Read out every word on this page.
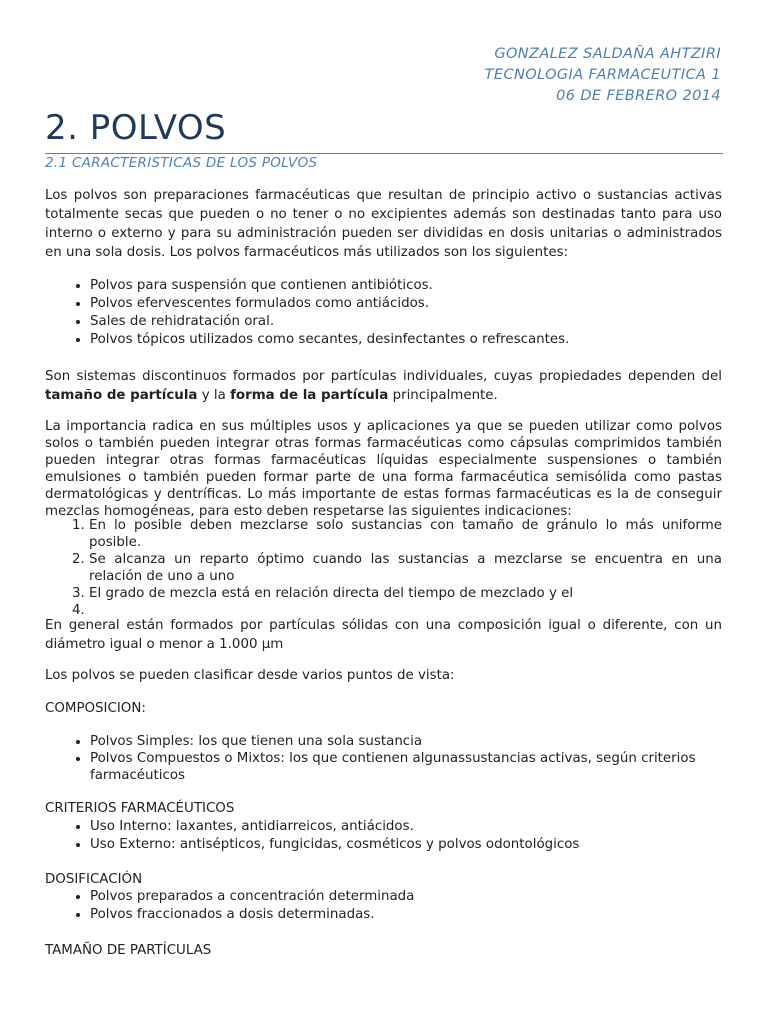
GONZALEZ SALDAÑA AHTZIRI
TECNOLOGIA FARMACEUTICA 1
06 DE FEBRERO 2014
2. POLVOS
2.1 CARACTERISTICAS DE LOS POLVOS

Los polvos son preparaciones farmacéuticas que resultan de principio activo o sustancias activas totalmente secas que pueden o no tener o no excipientes además son destinadas tanto para uso interno o externo y para su administración pueden ser divididas en dosis unitarias o administrados en una sola dosis. Los polvos farmacéuticos más utilizados son los siguientes:

• Polvos para suspensión que contienen antibióticos.
• Polvos efervescentes formulados como antiácidos.
• Sales de rehidratación oral.
• Polvos tópicos utilizados como secantes, desinfectantes o refrescantes.

Son sistemas discontinuos formados por partículas individuales, cuyas propiedades dependen del tamaño de partícula y la forma de la partícula principalmente.

La importancia radica en sus múltiples usos y aplicaciones ya que se pueden utilizar como polvos solos o también pueden integrar otras formas farmacéuticas como cápsulas comprimidos también pueden integrar otras formas farmacéuticas líquidas especialmente suspensiones o también emulsiones o también pueden formar parte de una forma farmacéutica semisólida como pastas dermatológicas y dentríficas. Lo más importante de estas formas farmacéuticas es la de conseguir mezclas homogéneas, para esto deben respetarse las siguientes indicaciones:

1. En lo posible deben mezclarse solo sustancias con tamaño de gránulo lo más uniforme posible.
2. Se alcanza un reparto óptimo cuando las sustancias a mezclarse se encuentra en una relación de uno a uno
3. El grado de mezcla está en relación directa del tiempo de mezclado y el
4.

En general están formados por partículas sólidas con una composición igual o diferente, con un diámetro igual o menor a 1.000 µm

Los polvos se pueden clasificar desde varios puntos de vista:

COMPOSICION:

• Polvos Simples: los que tienen una sola sustancia
• Polvos Compuestos o Mixtos: los que contienen algunassustancias activas, según criterios farmacéuticos

CRITERIOS FARMACÉUTICOS

• Uso Interno: laxantes, antidiarreicos, antiácidos.
• Uso Externo: antisépticos, fungicidas, cosméticos y polvos odontológicos

DOSIFICACIÓN

• Polvos preparados a concentración determinada
• Polvos fraccionados a dosis determinadas.

TAMAÑO DE PARTÍCULAS
